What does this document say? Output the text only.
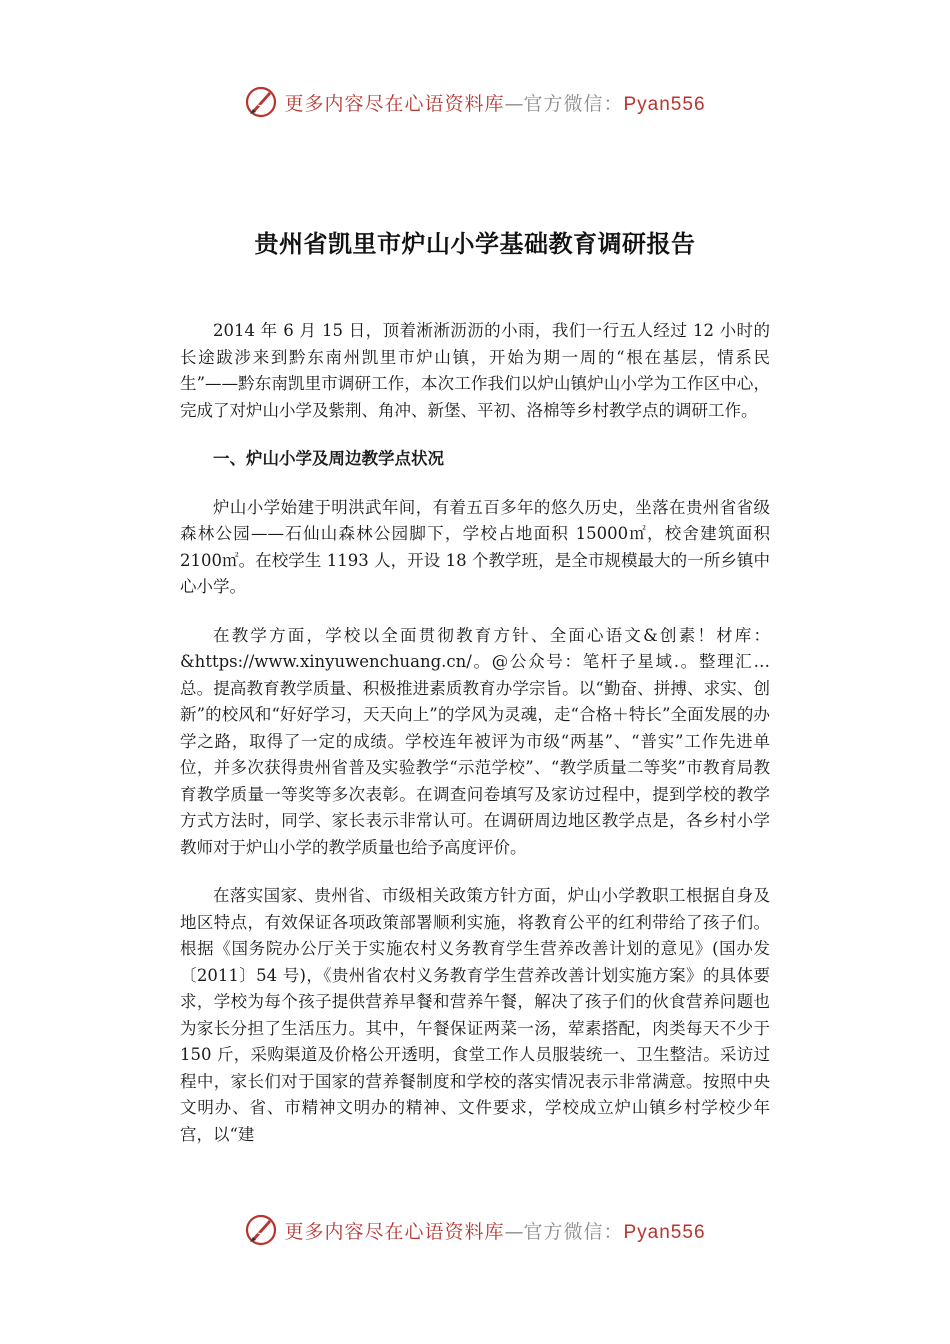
更多内容尽在心语资料库—官方微信：Pyan556
贵州省凯里市炉山小学基础教育调研报告

2014 年 6 月 15 日，顶着淅淅沥沥的小雨，我们一行五人经过 12 小时的长途跋涉来到黔东南州凯里市炉山镇，开始为期一周的“根在基层，情系民生”——黔东南凯里市调研工作，本次工作我们以炉山镇炉山小学为工作区中心，完成了对炉山小学及紫荆、角冲、新堡、平初、洛棉等乡村教学点的调研工作。

一、炉山小学及周边教学点状况

炉山小学始建于明洪武年间，有着五百多年的悠久历史，坐落在贵州省省级森林公园——石仙山森林公园脚下，学校占地面积 15000㎡，校舍建筑面积 2100㎡。在校学生 1193 人，开设 18 个教学班，是全市规模最大的一所乡镇中心小学。

在教学方面，学校以全面贯彻教育方针、全面心语文&创素！材库：&https://www.xinyuwenchuang.cn/。@公众号：笔杆子星域.。整理汇…总。提高教育教学质量、积极推进素质教育办学宗旨。以“勤奋、拼搏、求实、创新”的校风和“好好学习，天天向上”的学风为灵魂，走“合格＋特长”全面发展的办学之路，取得了一定的成绩。学校连年被评为市级“两基”、“普实”工作先进单位，并多次获得贵州省普及实验教学“示范学校”、“教学质量二等奖”市教育局教育教学质量一等奖等多次表彰。在调查问卷填写及家访过程中，提到学校的教学方式方法时，同学、家长表示非常认可。在调研周边地区教学点是，各乡村小学教师对于炉山小学的教学质量也给予高度评价。

在落实国家、贵州省、市级相关政策方针方面，炉山小学教职工根据自身及地区特点，有效保证各项政策部署顺利实施，将教育公平的红利带给了孩子们。根据《国务院办公厅关于实施农村义务教育学生营养改善计划的意见》(国办发〔2011〕54 号)，《贵州省农村义务教育学生营养改善计划实施方案》的具体要求，学校为每个孩子提供营养早餐和营养午餐，解决了孩子们的伙食营养问题也为家长分担了生活压力。其中，午餐保证两菜一汤，荤素搭配，肉类每天不少于 150 斤，采购渠道及价格公开透明，食堂工作人员服装统一、卫生整洁。采访过程中，家长们对于国家的营养餐制度和学校的落实情况表示非常满意。按照中央文明办、省、市精神文明办的精神、文件要求，学校成立炉山镇乡村学校少年宫，以“建

更多内容尽在心语资料库—官方微信：Pyan556
